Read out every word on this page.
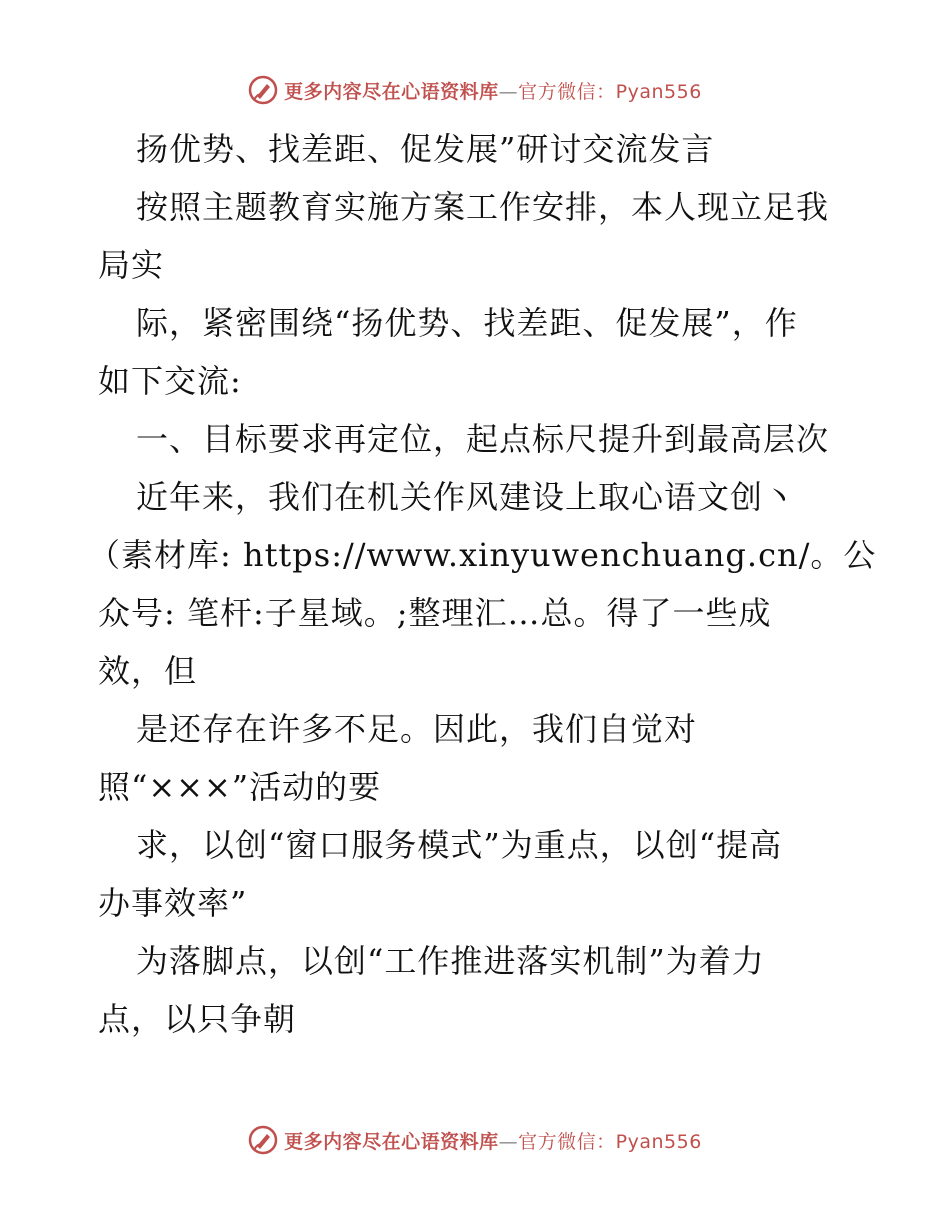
更多内容尽在心语资料库—官方微信：Pyan556
扬优势、找差距、促发展”研讨交流发言
按照主题教育实施方案工作安排，本人现立足我
局实
际，紧密围绕“扬优势、找差距、促发展”，作
如下交流:
一、目标要求再定位，起点标尺提升到最高层次
近年来，我们在机关作风建设上取心语文创丶
（素材库: https://www.xinyuwenchuang.cn/。公
众号: 笔杆:子星域。;整理汇…总。得了一些成
效，但
是还存在许多不足。因此，我们自觉对
照“×××”活动的要
求，以创“窗口服务模式”为重点，以创“提高
办事效率”
为落脚点，以创“工作推进落实机制”为着力
点，以只争朝
更多内容尽在心语资料库—官方微信：Pyan556
